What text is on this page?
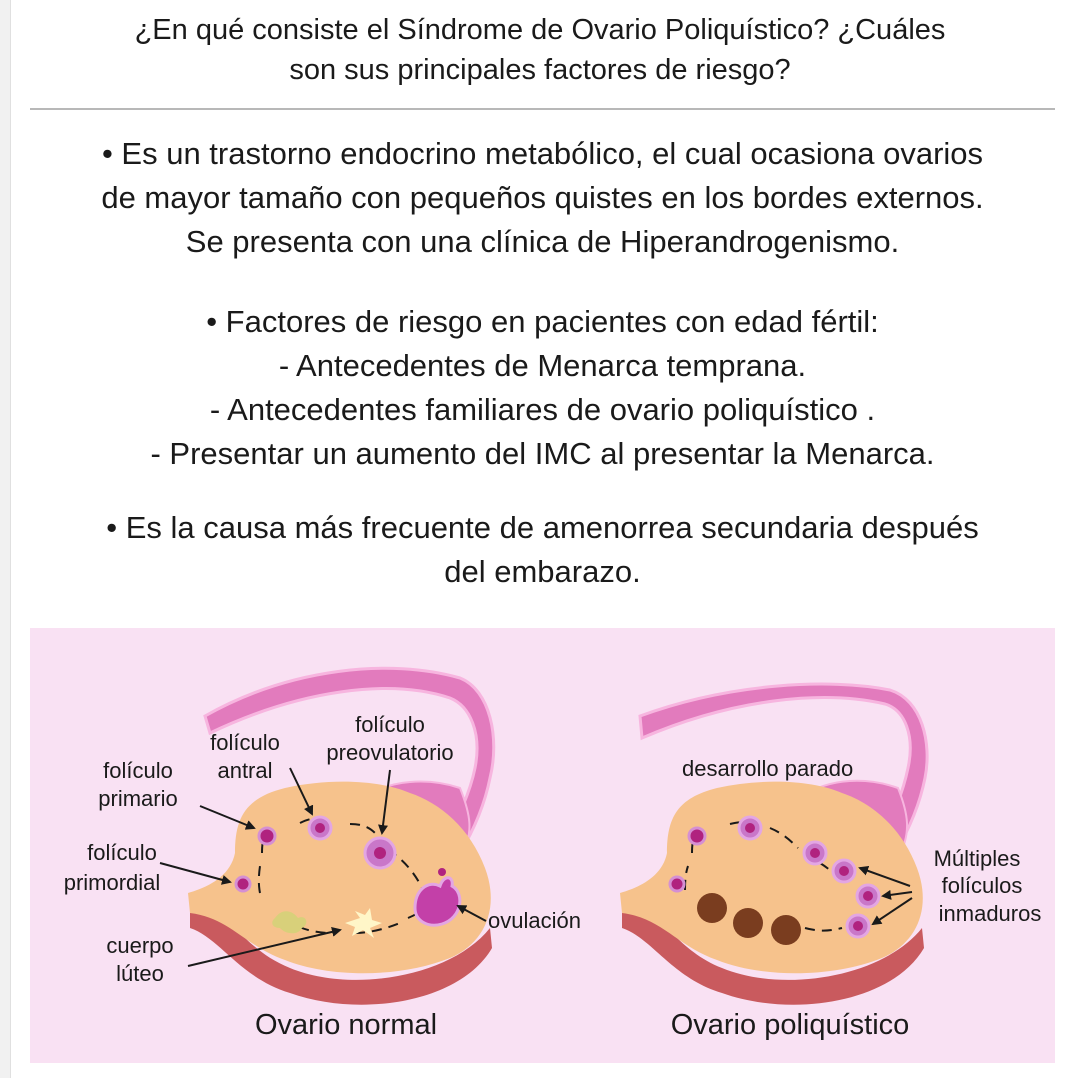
¿En qué consiste el Síndrome de Ovario Poliquístico? ¿Cuáles
son sus principales factores de riesgo?
• Es un trastorno endocrino metabólico, el cual ocasiona ovarios
de mayor tamaño con pequeños quistes en los bordes externos.
Se presenta con una clínica de Hiperandrogenismo.
• Factores de riesgo en pacientes con edad fértil:
- Antecedentes de Menarca temprana.
- Antecedentes familiares de ovario poliquístico .
- Presentar un aumento del IMC al presentar la Menarca.
• Es la causa más frecuente de amenorrea secundaria después
del embarazo.
folículo
primordial
folículo
primario
folículo
antral
folículo
preovulatorio
ovulación
cuerpo
lúteo
Ovario normal
desarrollo parado
Múltiples
folículos
inmaduros
Ovario poliquístico
